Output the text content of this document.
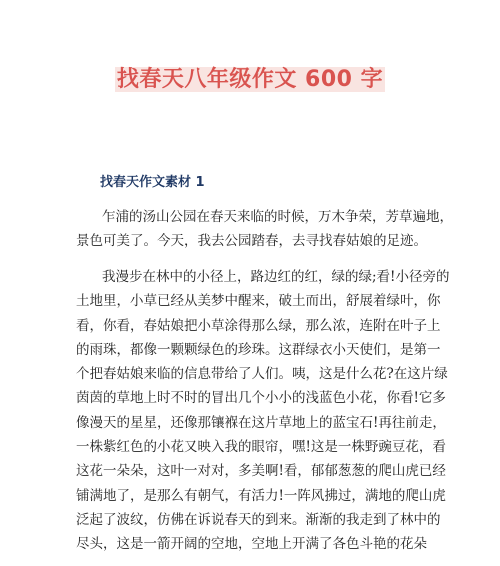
找春天八年级作文 600 字
找春天作文素材 1
乍浦的汤山公园在春天来临的时候，万木争荣，芳草遍地，
景色可美了。今天，我去公园踏春，去寻找春姑娘的足迹。
我漫步在林中的小径上，路边红的红，绿的绿;看!小径旁的
土地里，小草已经从美梦中醒来，破土而出，舒展着绿叶，你
看，你看，春姑娘把小草涂得那么绿，那么浓，连附在叶子上
的雨珠，都像一颗颗绿色的珍珠。这群绿衣小天使们，是第一
个把春姑娘来临的信息带给了人们。咦，这是什么花?在这片绿
茵茵的草地上时不时的冒出几个小小的浅蓝色小花，你看!它多
像漫天的星星，还像那镶褓在这片草地上的蓝宝石!再往前走，
一株紫红色的小花又映入我的眼帘，嘿!这是一株野豌豆花，看
这花一朵朵，这叶一对对，多美啊!看，郁郁葱葱的爬山虎已经
铺满地了，是那么有朝气，有活力!一阵风拂过，满地的爬山虎
泛起了波纹，仿佛在诉说春天的到来。渐渐的我走到了林中的
尽头，这是一箭开阔的空地，空地上开满了各色斗艳的花朵
